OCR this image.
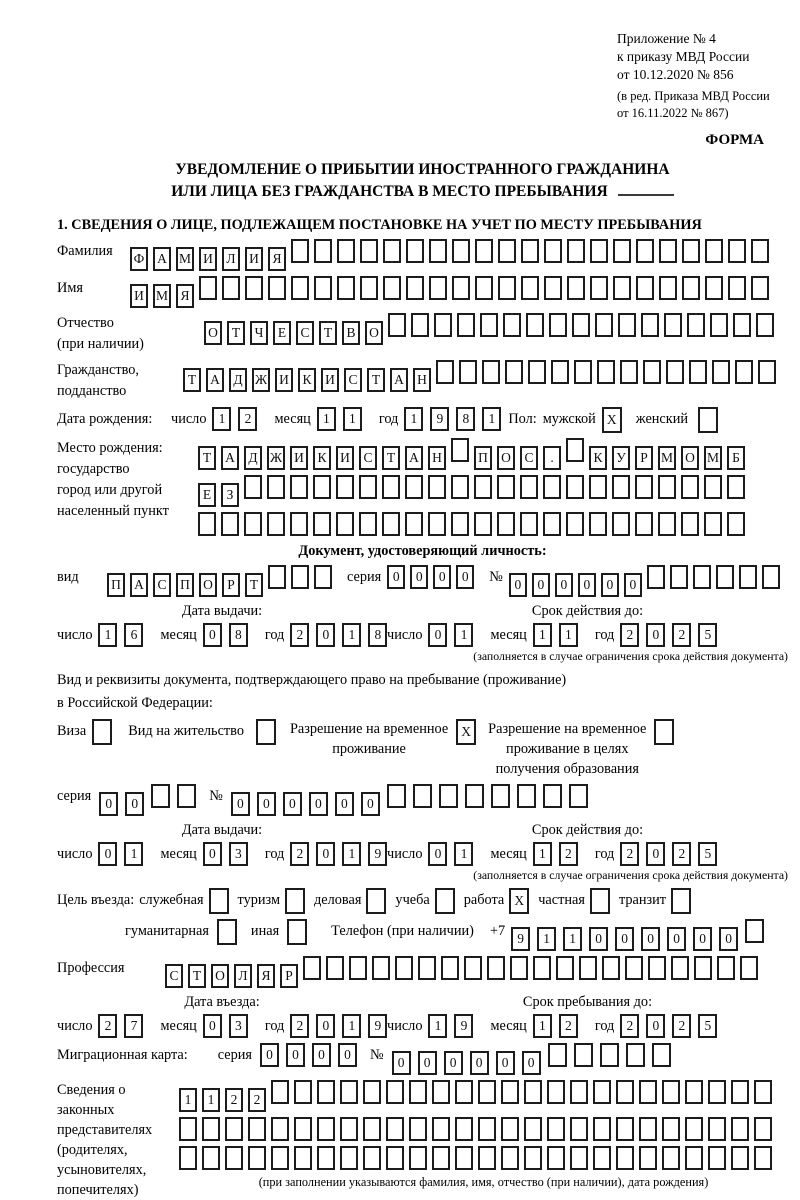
Приложение № 4
к приказу МВД России
от 10.12.2020 № 856
(в ред. Приказа МВД России
от 16.11.2022 № 867)
ФОРМА
УВЕДОМЛЕНИЕ О ПРИБЫТИИ ИНОСТРАННОГО ГРАЖДАНИНА
ИЛИ ЛИЦА БЕЗ ГРАЖДАНСТВА В МЕСТО ПРЕБЫВАНИЯ
1. СВЕДЕНИЯ О ЛИЦЕ, ПОДЛЕЖАЩЕМ ПОСТАНОВКЕ НА УЧЕТ ПО МЕСТУ ПРЕБЫВАНИЯ
Фамилия	Ф А М И Л И Я
Имя	И М Я
Отчество
(при наличии)
О Т Ч Е С Т В О
Гражданство,
подданство
Т А Д Ж И К И С Т А Н
Дата рождения:	число 1 2	месяц 1 1	год 1 9 8 1 Пол: мужской X	женский
Место рождения:
государство
город или другой
населенный пункт
Т А Д Ж И К И С Т А Н	П О С .	К У Р М О М Б
Е З
Документ, удостоверяющий личность:
вид	П А С П О Р Т	серия 0 0 0 0	№ 0 0 0 0 0 0
Дата выдачи:
число 1 6	месяц 0 8	год 2 0 1 8
Срок действия до:
число 0 1	месяц 1 1	год 2 0 2 5
(заполняется в случае ограничения срока действия документа)
Вид и реквизиты документа, подтверждающего право на пребывание (проживание)
в Российской Федерации:
Виза	Вид на жительство	Разрешение на временное
проживание
X	Разрешение на временное
проживание в целях
получения образования
серия	0 0	№	0 0 0 0 0 0
Дата выдачи:
число 0 1	месяц 0 3	год 2 0 1 9
Срок действия до:
число 0 1	месяц 1 2	год 2 0 2 5
(заполняется в случае ограничения срока действия документа)
Цель въезда: служебная туризм деловая учеба работа X частная транзит
гуманитарная	иная	Телефон (при наличии) +7 9 1 1 0 0 0 0 0 0
Профессия	С Т О Л Я Р
Дата въезда:
число 2 7	месяц 0 3	год 2 0 1 9
Срок пребывания до:
число 1 9	месяц 1 2	год 2 0 2 5
Миграционная карта: серия	0 0 0 0	№	0 0 0 0 0 0
Сведения о
законных
представителях
(родителях,
усыновителях,
попечителях)
1 1 2 2
(при заполнении указываются фамилия, имя, отчество (при наличии), дата рождения)
